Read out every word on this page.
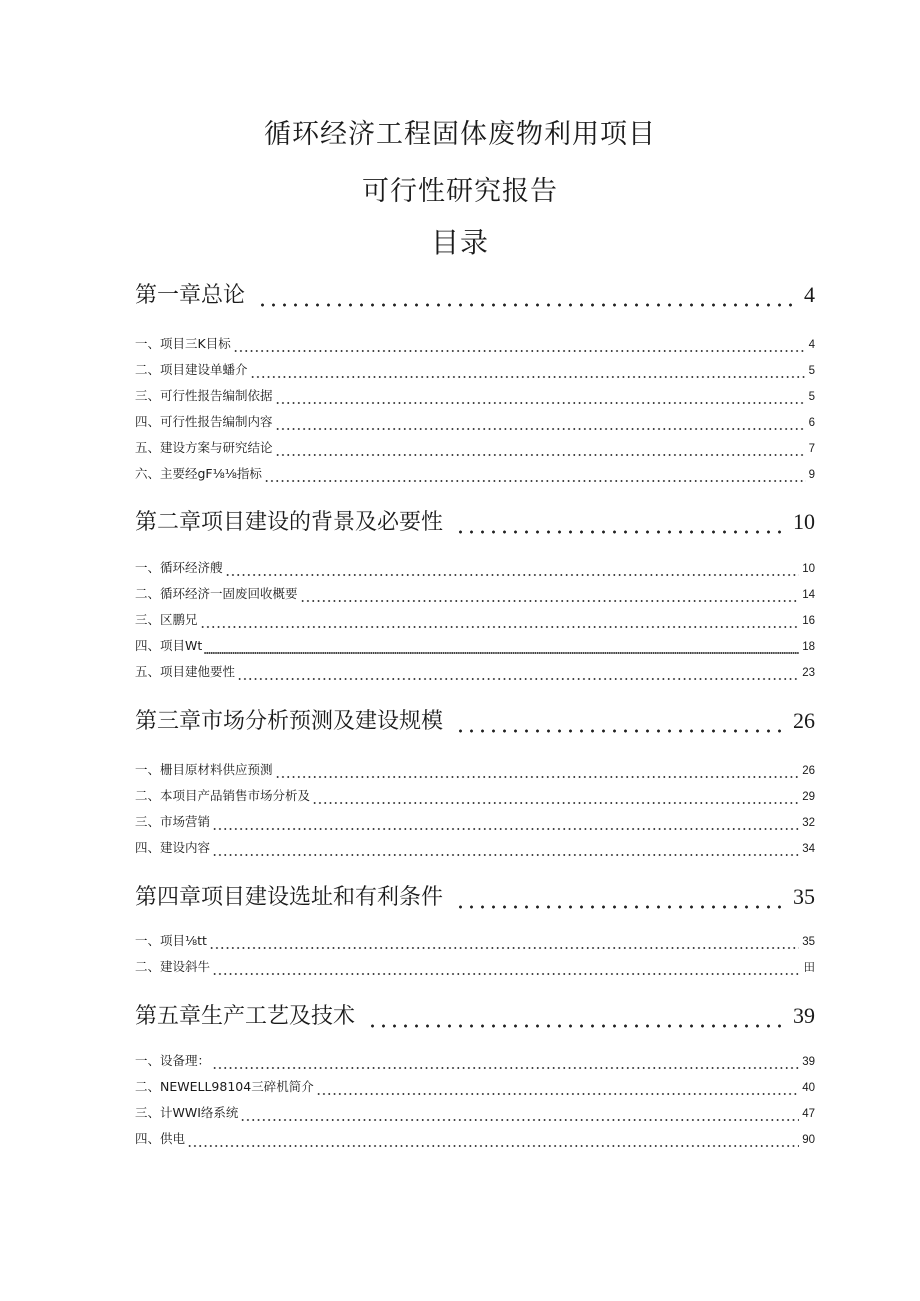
循环经济工程固体废物利用项目
可行性研究报告
目录
第一章总论	4
一、项目三K目标	4
二、项目建设单蟠介	5
三、可行性报告编制依据	5
四、可行性报告编制内容	6
五、建设方案与研究结论	7
六、主要经gF⅛⅛指标	9
第二章项目建设的背景及必要性	10
一、循环经济艘	10
二、循环经济一固废回收概要	14
三、区鹏兄	16
四、项目Wt	18
五、项目建他要性	23
第三章市场分析预测及建设规模	26
一、栅目原材料供应预测	26
二、本项目产品销售市场分析及	29
三、市场营销	32
四、建设内容	34
第四章项目建设选址和有利条件	35
一、项目⅛tt	35
二、建设斜牛	田
第五章生产工艺及技术	39
一、设备理：	39
二、NEWELL98104三碎机简介	40
三、计WWI络系统	47
四、供电	90
